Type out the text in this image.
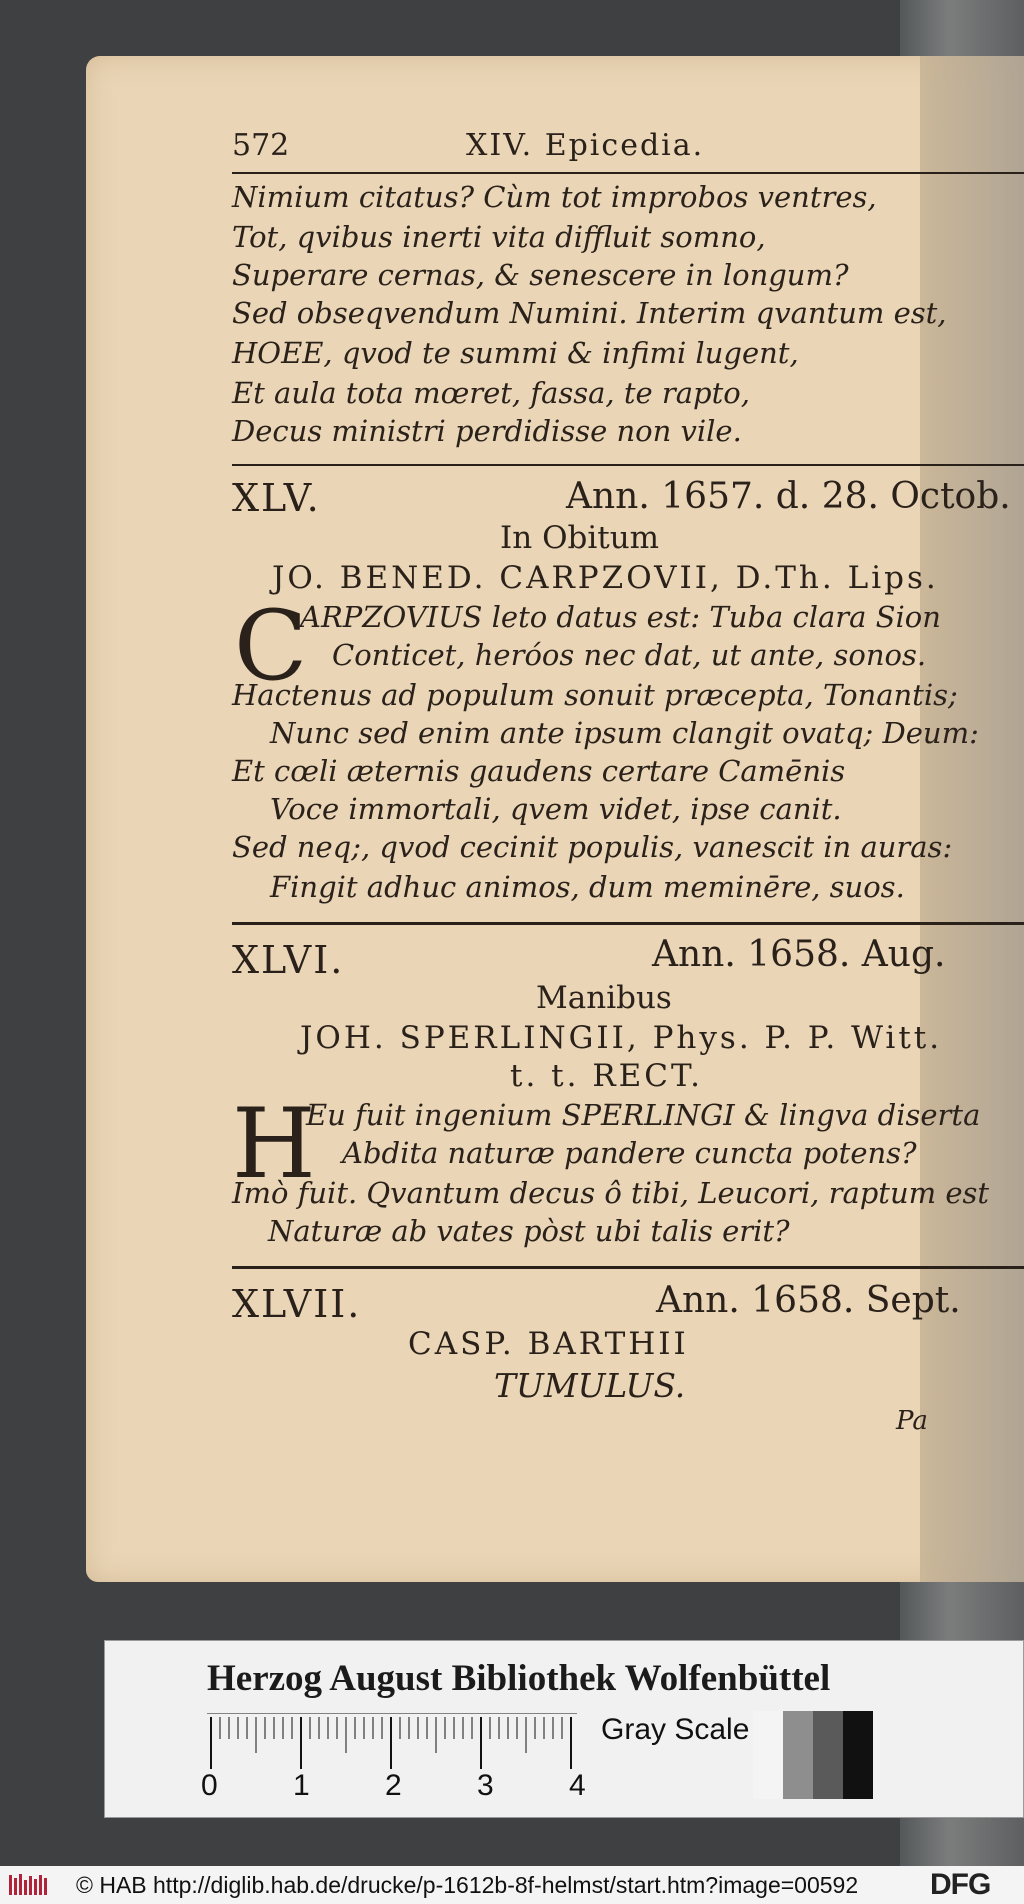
572	XIV. Epicedia.
Nimium citatus? Cùm tot improbos ventres,
Tot, qvibus inerti vita diffluit somno,
Superare cernas, & senescere in longum?
Sed obseqvendum Numini. Interim qvantum est,
HOEE, qvod te summi & infimi lugent,
Et aula tota mœret, fassa, te rapto,
Decus ministri perdidisse non vile.
XLV.	Ann. 1657. d. 28. Octob.
In Obitum
JO. BENED. CARPZOVII, D.Th. Lips.
C
ARPZOVIUS leto datus est: Tuba clara Sion
Conticet, heróos nec dat, ut ante, sonos.
Hactenus ad populum sonuit præcepta, Tonantis;
Nunc sed enim ante ipsum clangit ovatq; Deum:
Et cœli æternis gaudens certare Camēnis
Voce immortali, qvem videt, ipse canit.
Sed neq;, qvod cecinit populis, vanescit in auras:
Fingit adhuc animos, dum meminēre, suos.
XLVI.	Ann. 1658. Aug.
Manibus
JOH. SPERLINGII, Phys. P. P. Witt.
t. t. RECT.
H
Eu fuit ingenium SPERLINGI & lingva diserta
Abdita naturæ pandere cuncta potens?
Imò fuit. Qvantum decus ô tibi, Leucori, raptum est
Naturæ ab vates pòst ubi talis erit?
XLVII.	Ann. 1658. Sept.
CASP. BARTHII
TUMULUS.
Pa
Herzog August Bibliothek Wolfenbüttel
0	1	2	3	4
Gray Scale
© HAB http://diglib.hab.de/drucke/p-1612b-8f-helmst/start.htm?image=00592 DFG
